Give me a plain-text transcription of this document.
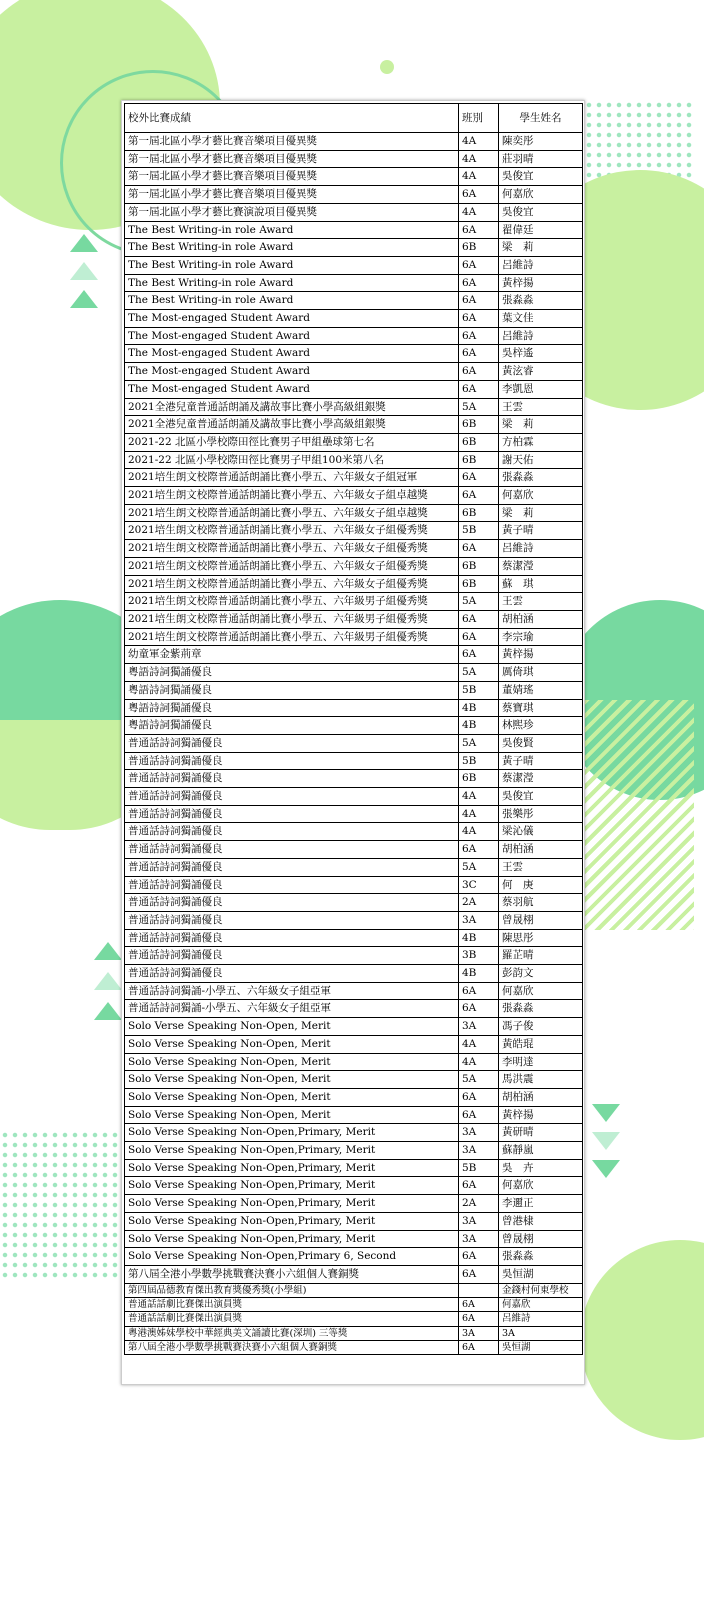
校外比賽成績	班別	學生姓名
第一屆北區小學才藝比賽音樂項目優異獎	4A	陳奕彤
第一屆北區小學才藝比賽音樂項目優異獎	4A	莊羽晴
第一屆北區小學才藝比賽音樂項目優異獎	4A	吳俊宜
第一屆北區小學才藝比賽音樂項目優異獎	6A	何嘉欣
第一屆北區小學才藝比賽演說項目優異獎	4A	吳俊宜
The Best Writing-in role Award	6A	翟偉廷
The Best Writing-in role Award	6B	梁　莉
The Best Writing-in role Award	6A	呂維詩
The Best Writing-in role Award	6A	黃梓揚
The Best Writing-in role Award	6A	張淼淼
The Most-engaged Student Award	6A	葉文佳
The Most-engaged Student Award	6A	呂維詩
The Most-engaged Student Award	6A	吳梓遙
The Most-engaged Student Award	6A	黃泫睿
The Most-engaged Student Award	6A	李凱恩
2021全港兒童普通話朗誦及講故事比賽小學高級組銀獎	5A	王雲
2021全港兒童普通話朗誦及講故事比賽小學高級組銀獎	6B	梁　莉
2021-22 北區小學校際田徑比賽男子甲組壘球第七名	6B	方柏霖
2021-22 北區小學校際田徑比賽男子甲組100米第八名	6B	謝天佑
2021培生朗文校際普通話朗誦比賽小學五、六年級女子組冠軍	6A	張淼淼
2021培生朗文校際普通話朗誦比賽小學五、六年級女子組卓越獎	6A	何嘉欣
2021培生朗文校際普通話朗誦比賽小學五、六年級女子組卓越獎	6B	梁　莉
2021培生朗文校際普通話朗誦比賽小學五、六年級女子組優秀獎	5B	黃子晴
2021培生朗文校際普通話朗誦比賽小學五、六年級女子組優秀獎	6A	呂維詩
2021培生朗文校際普通話朗誦比賽小學五、六年級女子組優秀獎	6B	蔡潔瀅
2021培生朗文校際普通話朗誦比賽小學五、六年級女子組優秀獎	6B	蘇　琪
2021培生朗文校際普通話朗誦比賽小學五、六年級男子組優秀獎	5A	王雲
2021培生朗文校際普通話朗誦比賽小學五、六年級男子組優秀獎	6A	胡柏涵
2021培生朗文校際普通話朗誦比賽小學五、六年級男子組優秀獎	6A	李宗瑜
幼童軍金紫荊章	6A	黃梓揚
粵語詩詞獨誦優良	5A	厲倚琪
粵語詩詞獨誦優良	5B	董婧瑤
粵語詩詞獨誦優良	4B	蔡寶琪
粵語詩詞獨誦優良	4B	林熙珍
普通話詩詞獨誦優良	5A	吳俊賢
普通話詩詞獨誦優良	5B	黃子晴
普通話詩詞獨誦優良	6B	蔡潔瀅
普通話詩詞獨誦優良	4A	吳俊宜
普通話詩詞獨誦優良	4A	張樂彤
普通話詩詞獨誦優良	4A	梁沁儀
普通話詩詞獨誦優良	6A	胡柏涵
普通話詩詞獨誦優良	5A	王雲
普通話詩詞獨誦優良	3C	何　庚
普通話詩詞獨誦優良	2A	蔡羽航
普通話詩詞獨誦優良	3A	曾晟栩
普通話詩詞獨誦優良	4B	陳思彤
普通話詩詞獨誦優良	3B	羅芷晴
普通話詩詞獨誦優良	4B	彭韵文
普通話詩詞獨誦-小學五、六年級女子組亞軍	6A	何嘉欣
普通話詩詞獨誦-小學五、六年級女子組亞軍	6A	張淼淼
Solo Verse Speaking Non-Open, Merit	3A	馮子俊
Solo Verse Speaking Non-Open, Merit	4A	黃皓琨
Solo Verse Speaking Non-Open, Merit	4A	李明達
Solo Verse Speaking Non-Open, Merit	5A	馬洪震
Solo Verse Speaking Non-Open, Merit	6A	胡柏涵
Solo Verse Speaking Non-Open, Merit	6A	黃梓揚
Solo Verse Speaking Non-Open,Primary, Merit	3A	黃研晴
Solo Verse Speaking Non-Open,Primary, Merit	3A	蘇靜嵐
Solo Verse Speaking Non-Open,Primary, Merit	5B	吳　卉
Solo Verse Speaking Non-Open,Primary, Merit	6A	何嘉欣
Solo Verse Speaking Non-Open,Primary, Merit	2A	李邇正
Solo Verse Speaking Non-Open,Primary, Merit	3A	曾港棣
Solo Verse Speaking Non-Open,Primary, Merit	3A	曾晟栩
Solo Verse Speaking Non-Open,Primary 6, Second	6A	張淼淼
第八屆全港小學數學挑戰賽決賽小六組個人賽銅獎	6A	吳恒湖
第四屆品德教育傑出教育獎優秀獎(小學組)		金錢村何東學校
普通話話劇比賽傑出演員獎	6A	何嘉欣
普通話話劇比賽傑出演員獎	6A	呂維詩
粵港澳姊妹學校中華經典美文誦讀比賽(深圳) 三等獎	3A	3A
第八屆全港小學數學挑戰賽決賽小六組個人賽銅獎	6A	吳恒湖
